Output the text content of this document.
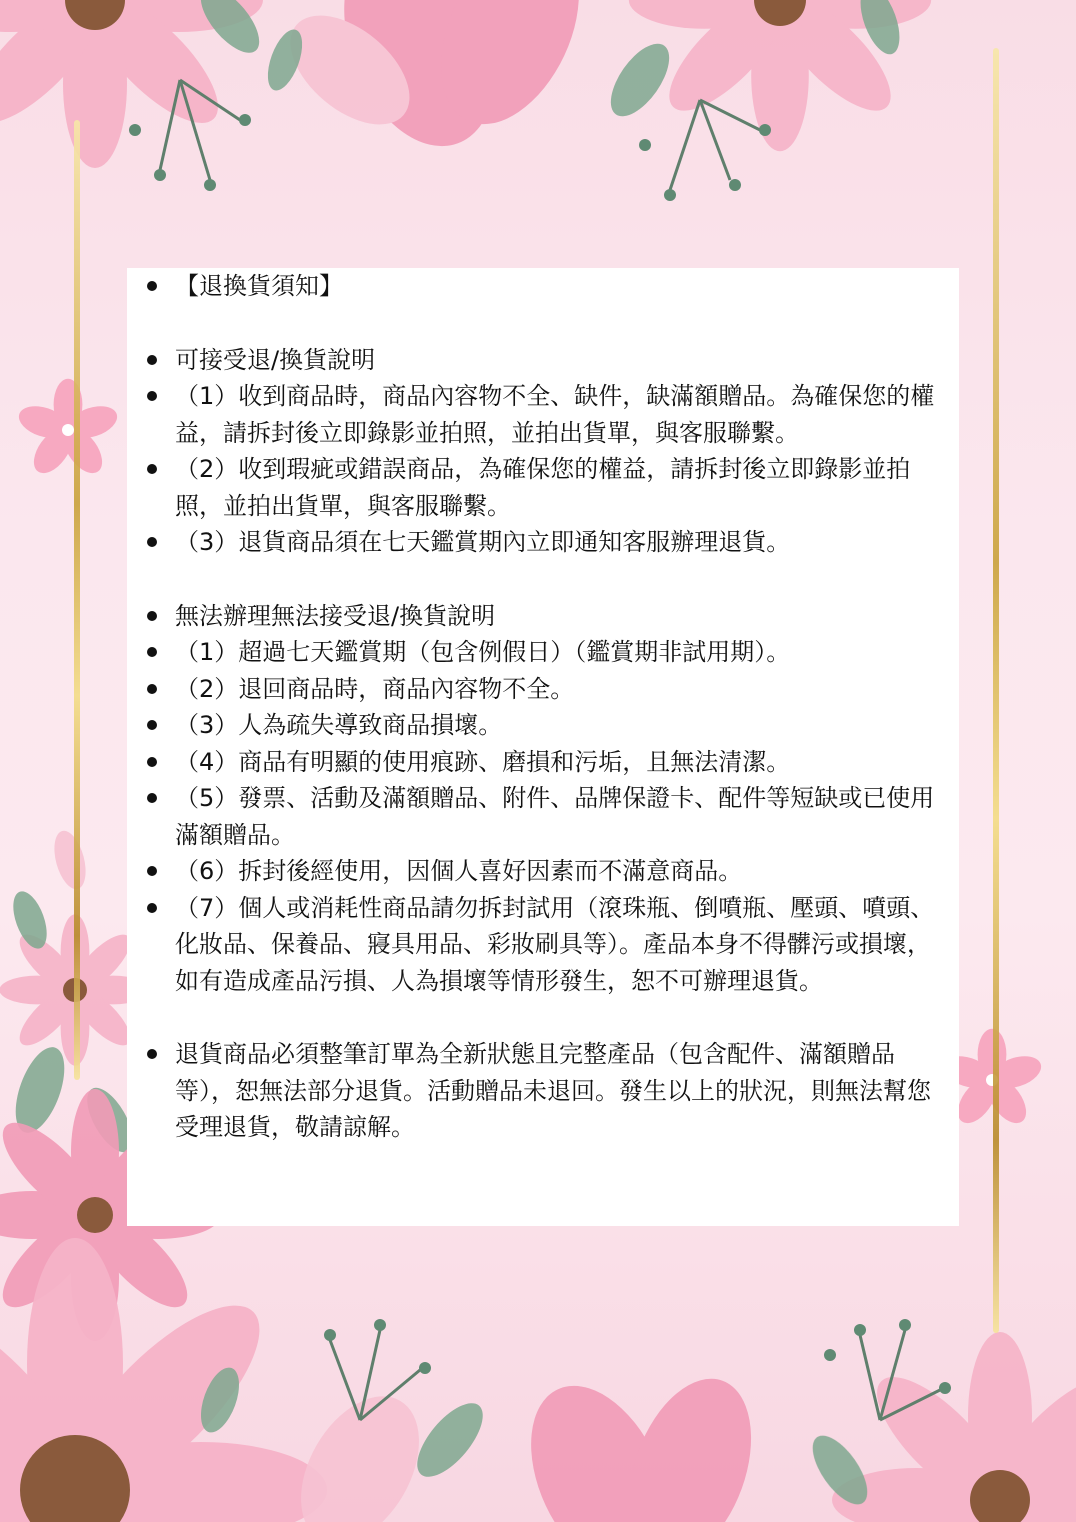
【退換貨須知】
可接受退/換貨說明
（1）收到商品時，商品內容物不全、缺件，缺滿額贈品。為確保您的權益，請拆封後立即錄影並拍照，並拍出貨單，與客服聯繫。
（2）收到瑕疵或錯誤商品，為確保您的權益，請拆封後立即錄影並拍照，並拍出貨單，與客服聯繫。
（3）退貨商品須在七天鑑賞期內立即通知客服辦理退貨。
無法辦理無法接受退/換貨說明
（1）超過七天鑑賞期（包含例假日）（鑑賞期非試用期）。
（2）退回商品時，商品內容物不全。
（3）人為疏失導致商品損壞。
（4）商品有明顯的使用痕跡、磨損和污垢，且無法清潔。
（5）發票、活動及滿額贈品、附件、品牌保證卡、配件等短缺或已使用滿額贈品。
（6）拆封後經使用，因個人喜好因素而不滿意商品。
（7）個人或消耗性商品請勿拆封試用（滾珠瓶、倒噴瓶、壓頭、噴頭、化妝品、保養品、寢具用品、彩妝刷具等）。產品本身不得髒污或損壞，如有造成產品污損、人為損壞等情形發生，恕不可辦理退貨。
退貨商品必須整筆訂單為全新狀態且完整產品（包含配件、滿額贈品等），恕無法部分退貨。活動贈品未退回。發生以上的狀況，則無法幫您受理退貨，敬請諒解。
